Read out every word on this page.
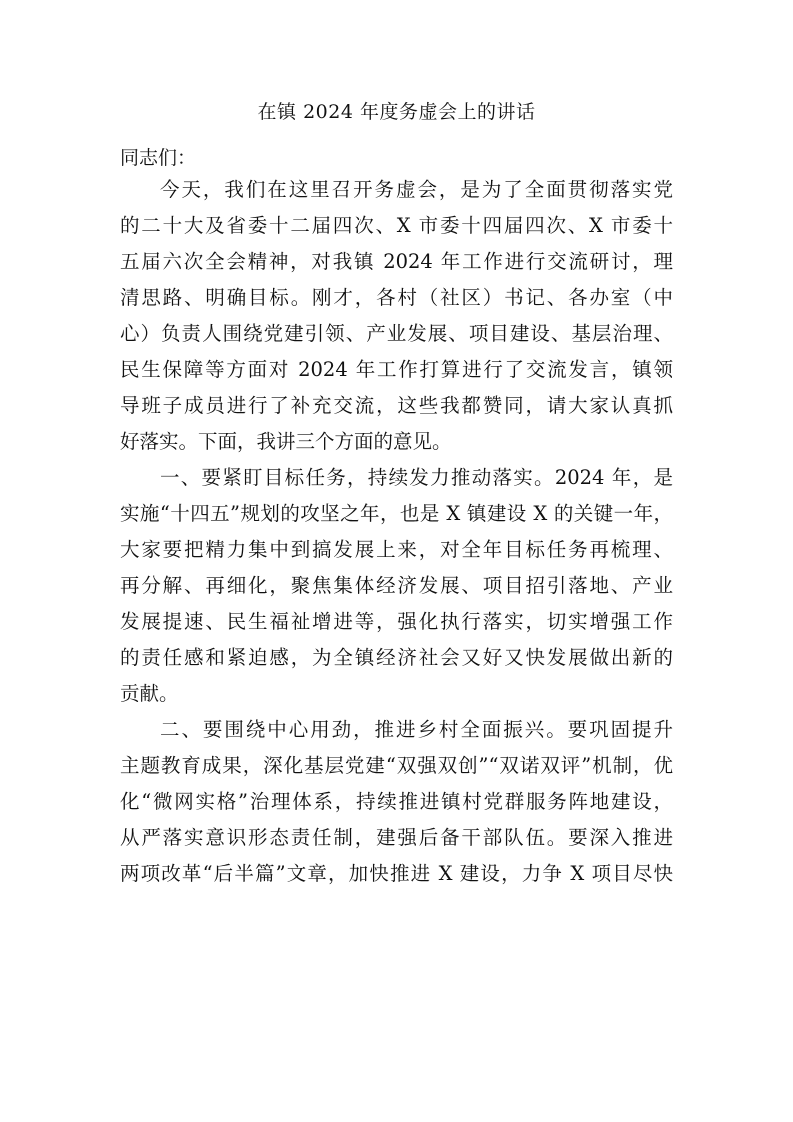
在镇 2024 年度务虚会上的讲话
同志们：
今天，我们在这里召开务虚会，是为了全面贯彻落实党
的二十大及省委十二届四次、X 市委十四届四次、X 市委十
五届六次全会精神，对我镇 2024 年工作进行交流研讨，理
清思路、明确目标。刚才，各村（社区）书记、各办室（中
心）负责人围绕党建引领、产业发展、项目建设、基层治理、
民生保障等方面对 2024 年工作打算进行了交流发言，镇领
导班子成员进行了补充交流，这些我都赞同，请大家认真抓
好落实。下面，我讲三个方面的意见。
一、要紧盯目标任务，持续发力推动落实。2024 年，是
实施“十四五”规划的攻坚之年，也是 X 镇建设 X 的关键一年，
大家要把精力集中到搞发展上来，对全年目标任务再梳理、
再分解、再细化，聚焦集体经济发展、项目招引落地、产业
发展提速、民生福祉增进等，强化执行落实，切实增强工作
的责任感和紧迫感，为全镇经济社会又好又快发展做出新的
贡献。
二、要围绕中心用劲，推进乡村全面振兴。要巩固提升
主题教育成果，深化基层党建“双强双创”“双诺双评”机制，优
化“微网实格”治理体系，持续推进镇村党群服务阵地建设，
从严落实意识形态责任制，建强后备干部队伍。要深入推进
两项改革“后半篇”文章，加快推进 X 建设，力争 X 项目尽快
